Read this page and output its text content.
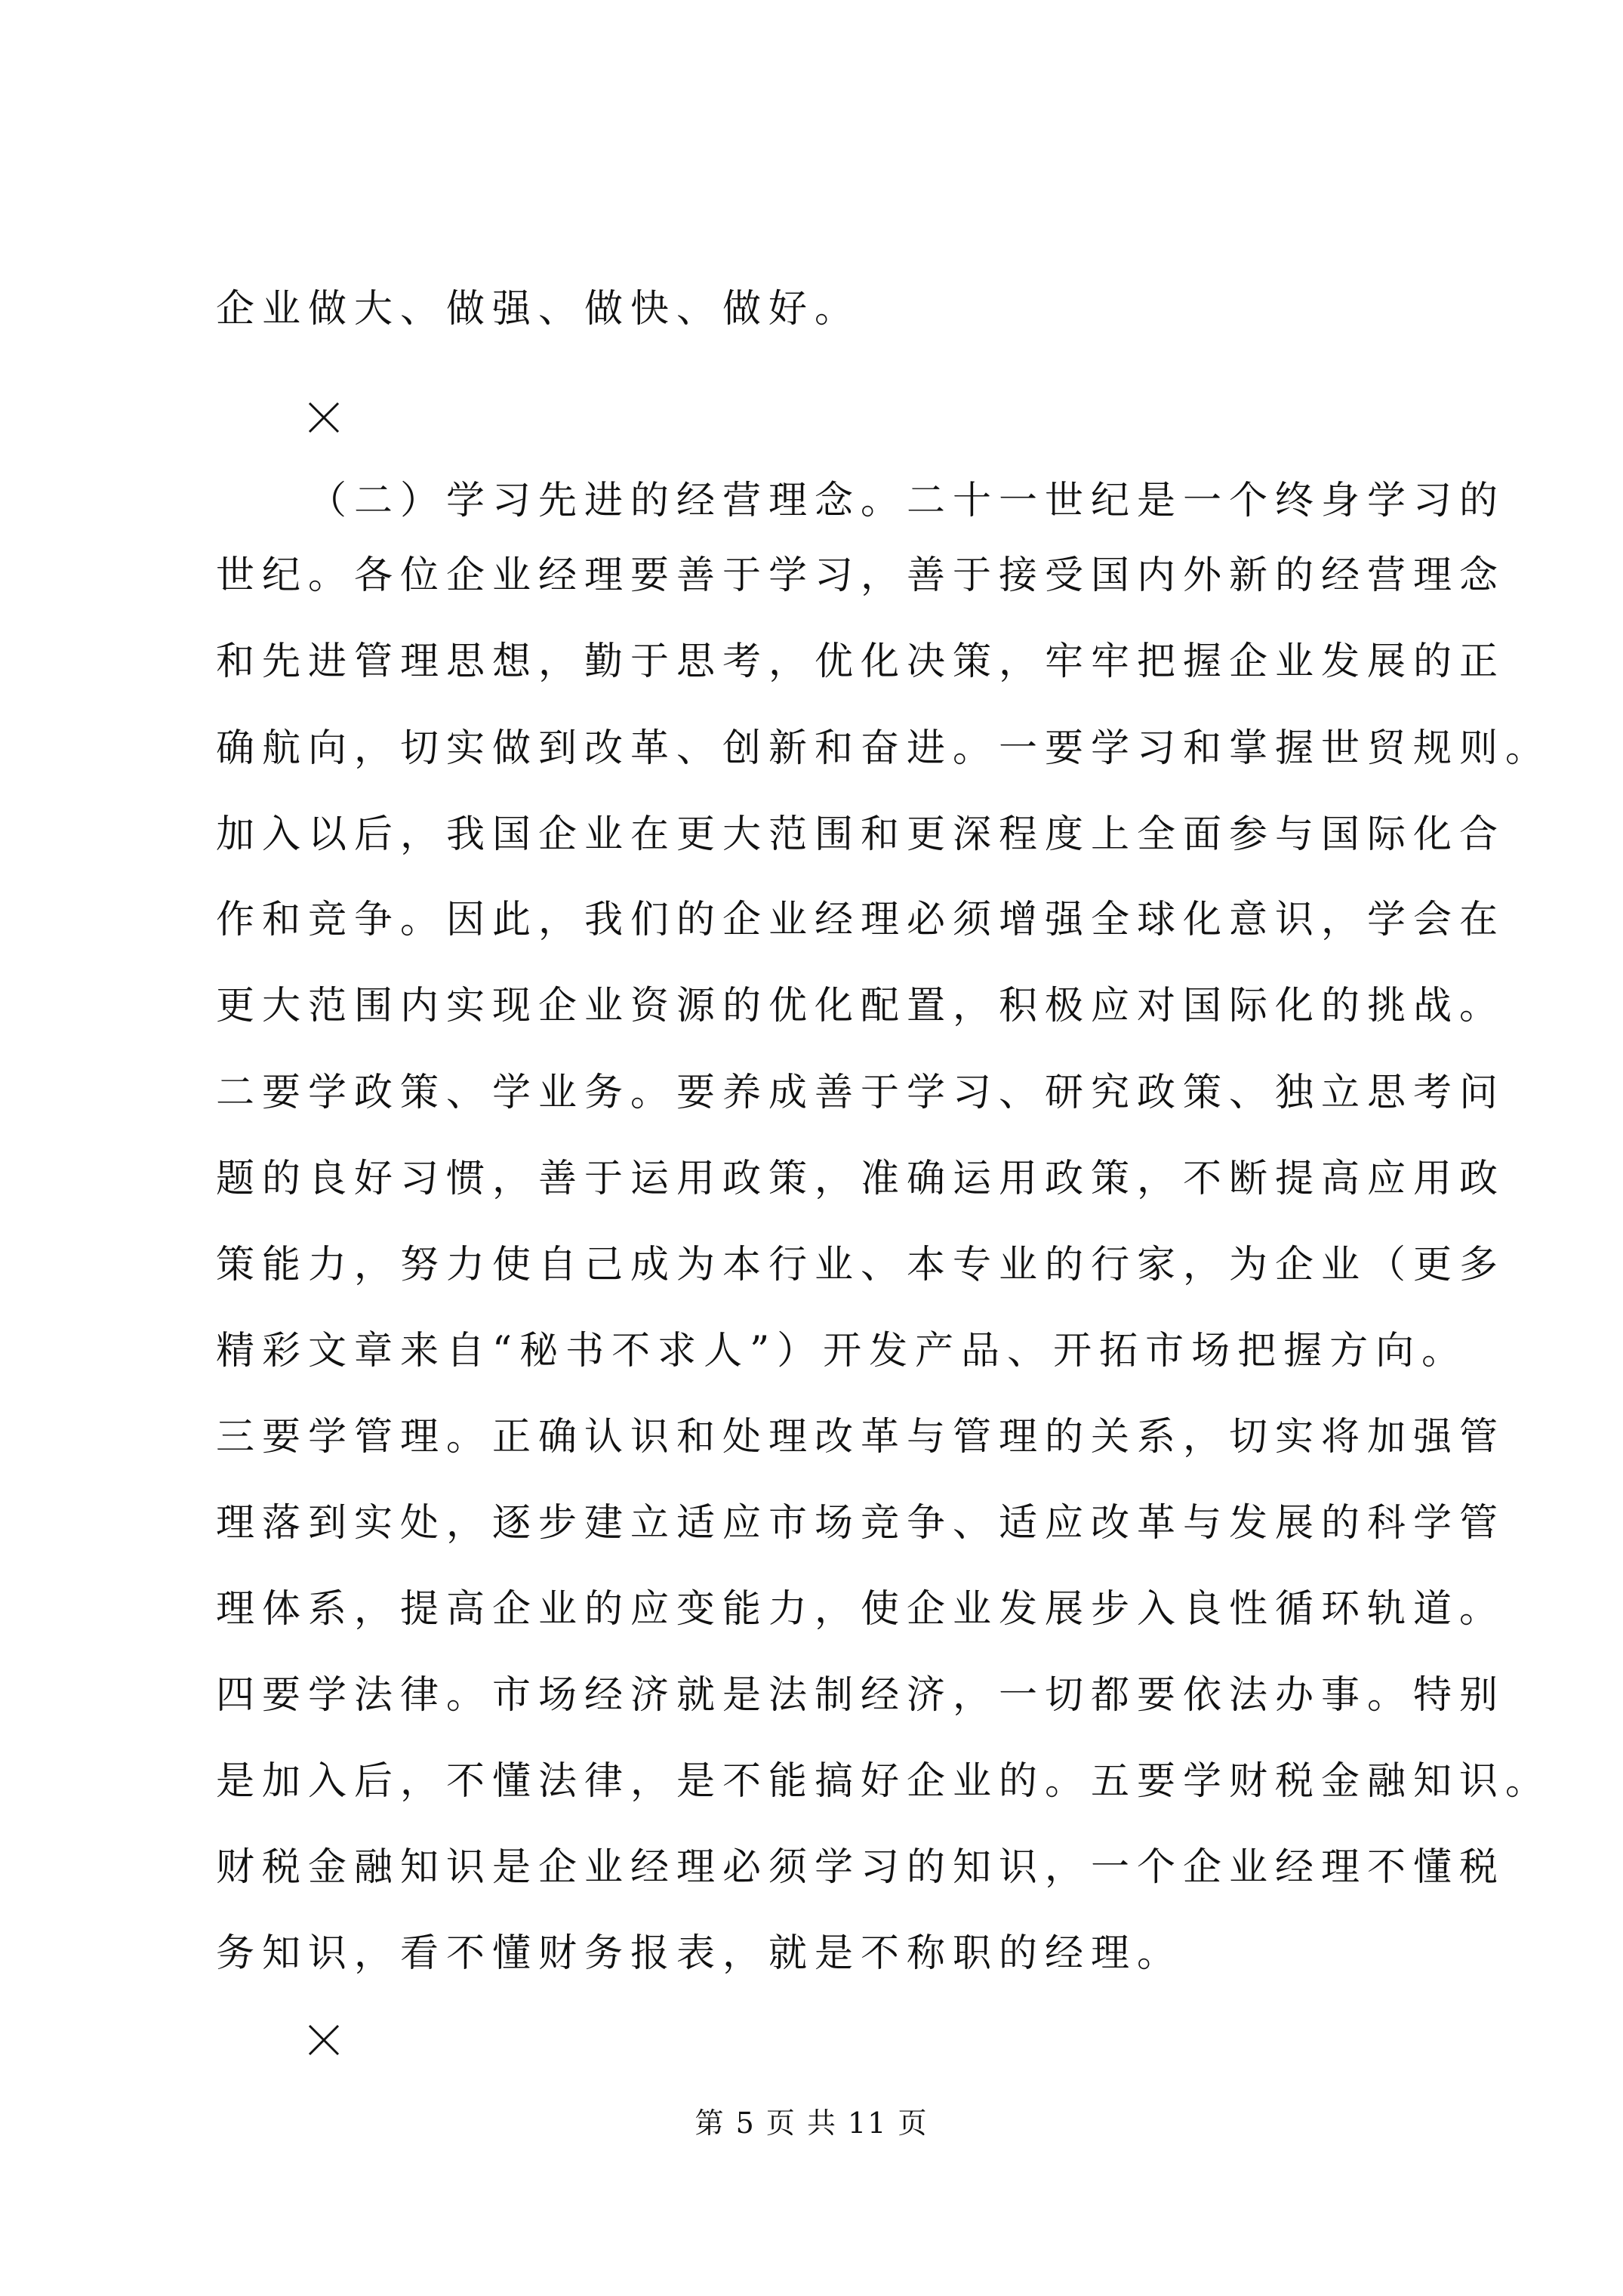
企业做大、做强、做快、做好。
（二）学习先进的经营理念。二十一世纪是一个终身学习的
世纪。各位企业经理要善于学习，善于接受国内外新的经营理念
和先进管理思想，勤于思考，优化决策，牢牢把握企业发展的正
确航向，切实做到改革、创新和奋进。一要学习和掌握世贸规则。
加入以后，我国企业在更大范围和更深程度上全面参与国际化合
作和竞争。因此，我们的企业经理必须增强全球化意识，学会在
更大范围内实现企业资源的优化配置，积极应对国际化的挑战。
二要学政策、学业务。要养成善于学习、研究政策、独立思考问
题的良好习惯，善于运用政策，准确运用政策，不断提高应用政
策能力，努力使自己成为本行业、本专业的行家，为企业（更多
精彩文章来自“秘书不求人”）开发产品、开拓市场把握方向。
三要学管理。正确认识和处理改革与管理的关系，切实将加强管
理落到实处，逐步建立适应市场竞争、适应改革与发展的科学管
理体系，提高企业的应变能力，使企业发展步入良性循环轨道。
四要学法律。市场经济就是法制经济，一切都要依法办事。特别
是加入后，不懂法律，是不能搞好企业的。五要学财税金融知识。
财税金融知识是企业经理必须学习的知识，一个企业经理不懂税
务知识，看不懂财务报表，就是不称职的经理。
第 5 页 共 11 页
